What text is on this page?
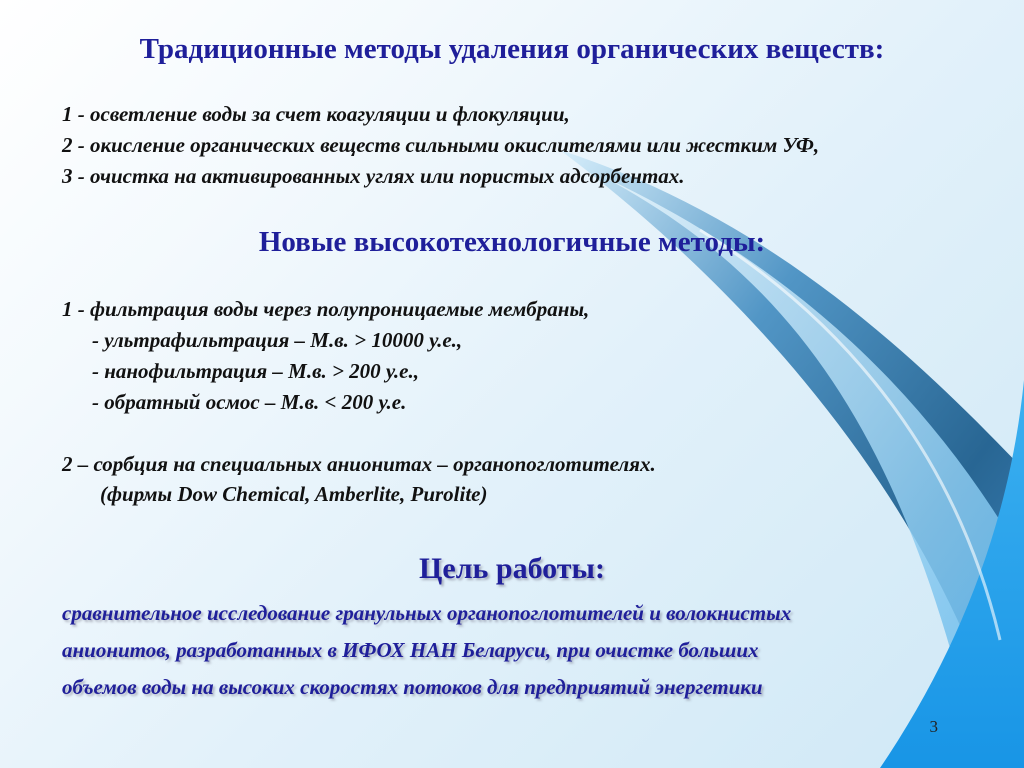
Традиционные методы удаления органических веществ:
1 - осветление воды за счет коагуляции и флокуляции,
2 - окисление органических веществ сильными окислителями или жестким УФ,
3 - очистка на активированных углях или пористых адсорбентах.
Новые высокотехнологичные методы:
1 - фильтрация воды через полупроницаемые мембраны,
- ультрафильтрация – М.в. > 10000 у.е.,
- нанофильтрация – М.в. > 200 у.е.,
- обратный осмос – М.в. < 200 у.е.
2 – сорбция на специальных анионитах – органопоглотителях.
(фирмы Dow Chemical, Amberlite, Purolite)
Цель работы:
сравнительное исследование гранульных органопоглотителей и волокнистых
анионитов, разработанных в ИФОХ НАН Беларуси, при очистке больших
объемов воды на высоких скоростях потоков для предприятий энергетики
3
